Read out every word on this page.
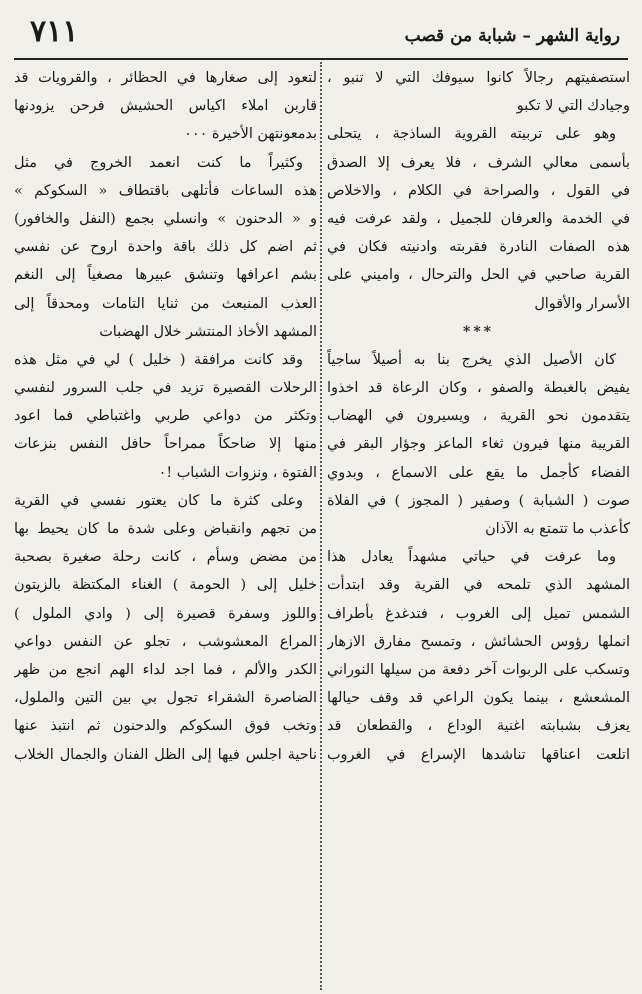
٧١١	رواية الشهر – شبابة من قصب
استصفيتهم رجالاً كانوا سيوفك التي لا تنبو ،
وجيادك التي لا تكبو
وهو على تربيته القروية الساذجة ، يتحلى
بأسمى معالي الشرف ، فلا يعرف إلا الصدق
في القول ، والصراحة في الكلام ، والاخلاص
في الخدمة والعرفان للجميل ، ولقد عرفت فيه
هذه الصفات النادرة فقربته وادنيته فكان في
القرية صاحبي في الحل والترحال ، واميني على
الأسرار والأقوال
***
كان الأصيل الذي يخرج بنا به أصيلاً ساجياً
يفيض بالغبطة والصفو ، وكان الرعاة قد اخذوا
يتقدمون نحو القرية ، ويسيرون في الهضاب
القريبة منها فيرون ثغاء الماعز وجؤار البقر في
الفضاء كأجمل ما يقع على الاسماع ، وبدوي
صوت ( الشبابة ) وصفير ( المجوز ) في الفلاة
كأعذب ما تتمتع به الآذان
وما عرفت في حياتي مشهداً يعادل هذا
المشهد الذي تلمحه في القرية وقد ابتدأت
الشمس تميل إلى الغروب ، فتدغدغ بأطراف
انملها رؤوس الحشائش ، وتمسح مفارق الازهار
وتسكب على الربوات آخر دفعة من سيلها النوراني
المشعشع ، بينما يكون الراعي قد وقف حيالها
يعزف بشبابته اغنية الوداع ، والقطعان قد
اتلعت اعناقها تناشدها الإسراع في الغروب
لتعود إلى صغارها في الحظائر ، والقرويات قد
قاربن املاء اكياس الحشيش فرحن يزودنها
بدمعونتهن الأخيرة ٠٠٠
وكثيراً ما كنت انعمد الخروج في مثل
هذه الساعات فأتلهى باقتطاف « السكوكم »
و « الدحنون » وانسلي بجمع (النفل والخافور)
ثم اضم كل ذلك باقة واحدة اروح عن نفسي
بشم اعرافها وتنشق عبيرها مصغياً إلى النغم
العذب المنبعث من ثنايا التامات ومحدقاً إلى
المشهد الأخاذ المنتشر خلال الهضبات
وقد كانت مرافقة ( خليل ) لي في مثل هذه
الرحلات القصيرة تزيد في جلب السرور لنفسي
وتكثر من دواعي طربي واغتباطي فما اعود
منها إلا ضاحكاً ممراحاً حافل النفس بنزعات
الفتوة ، ونزوات الشباب !٠
وعلى كثرة ما كان يعتور نفسي في القرية
من تجهم وانقباض وعلى شدة ما كان يحيط بها
من مضض وسأم ، كانت رحلة صغيرة بصحبة
خليل إلى ( الحومة ) الغناء المكتظة بالزيتون
واللوز وسفرة قصيرة إلى ( وادي الملول )
المراع المعشوشب ، تجلو عن النفس دواعي
الكدر والألم ، فما اجد لداء الهم انجع من ظهر
الضاصرة الشقراء تجول بي بين التين والملول،
وتخب فوق السكوكم والدحنون ثم انتبذ عنها
ناحية اجلس فيها إلى الظل الفنان والجمال الخلاب
